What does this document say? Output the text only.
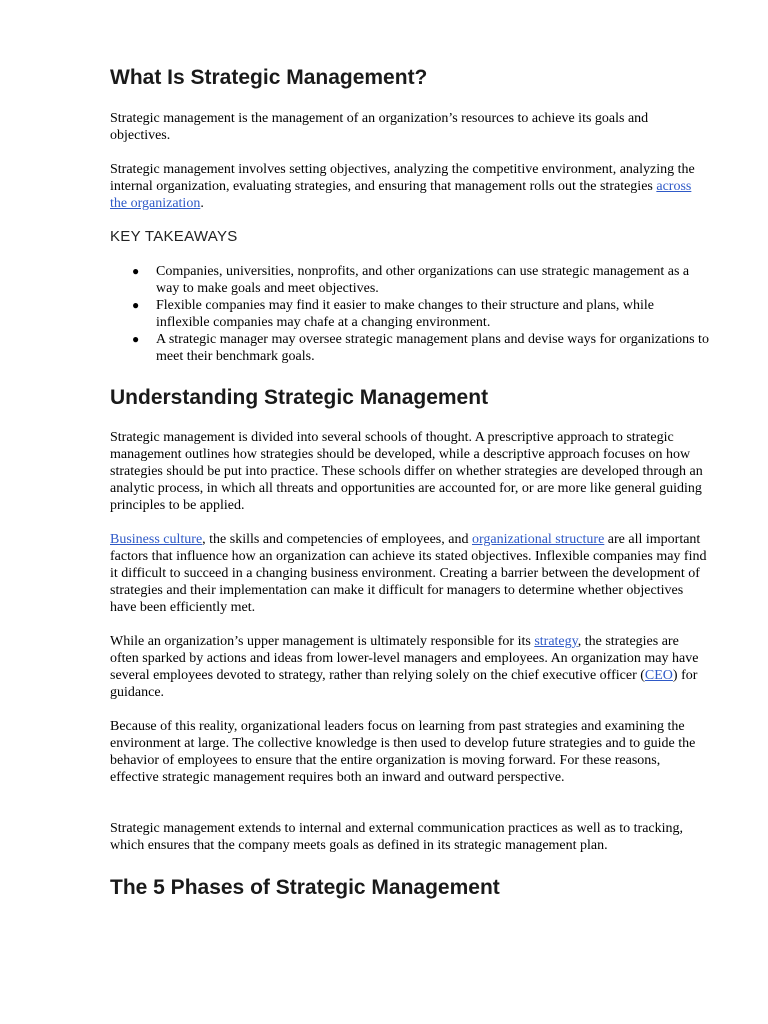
What Is Strategic Management?

Strategic management is the management of an organization’s resources to achieve its goals and objectives.

Strategic management involves setting objectives, analyzing the competitive environment, analyzing the internal organization, evaluating strategies, and ensuring that management rolls out the strategies across the organization.

KEY TAKEAWAYS
● Companies, universities, nonprofits, and other organizations can use strategic management as a way to make goals and meet objectives.
● Flexible companies may find it easier to make changes to their structure and plans, while inflexible companies may chafe at a changing environment.
● A strategic manager may oversee strategic management plans and devise ways for organizations to meet their benchmark goals.
Understanding Strategic Management

Strategic management is divided into several schools of thought. A prescriptive approach to strategic management outlines how strategies should be developed, while a descriptive approach focuses on how strategies should be put into practice. These schools differ on whether strategies are developed through an analytic process, in which all threats and opportunities are accounted for, or are more like general guiding principles to be applied.

Business culture, the skills and competencies of employees, and organizational structure are all important factors that influence how an organization can achieve its stated objectives. Inflexible companies may find it difficult to succeed in a changing business environment. Creating a barrier between the development of strategies and their implementation can make it difficult for managers to determine whether objectives have been efficiently met.

While an organization’s upper management is ultimately responsible for its strategy, the strategies are often sparked by actions and ideas from lower-level managers and employees. An organization may have several employees devoted to strategy, rather than relying solely on the chief executive officer (CEO) for guidance.

Because of this reality, organizational leaders focus on learning from past strategies and examining the environment at large. The collective knowledge is then used to develop future strategies and to guide the behavior of employees to ensure that the entire organization is moving forward. For these reasons, effective strategic management requires both an inward and outward perspective.

Strategic management extends to internal and external communication practices as well as to tracking, which ensures that the company meets goals as defined in its strategic management plan.

The 5 Phases of Strategic Management
